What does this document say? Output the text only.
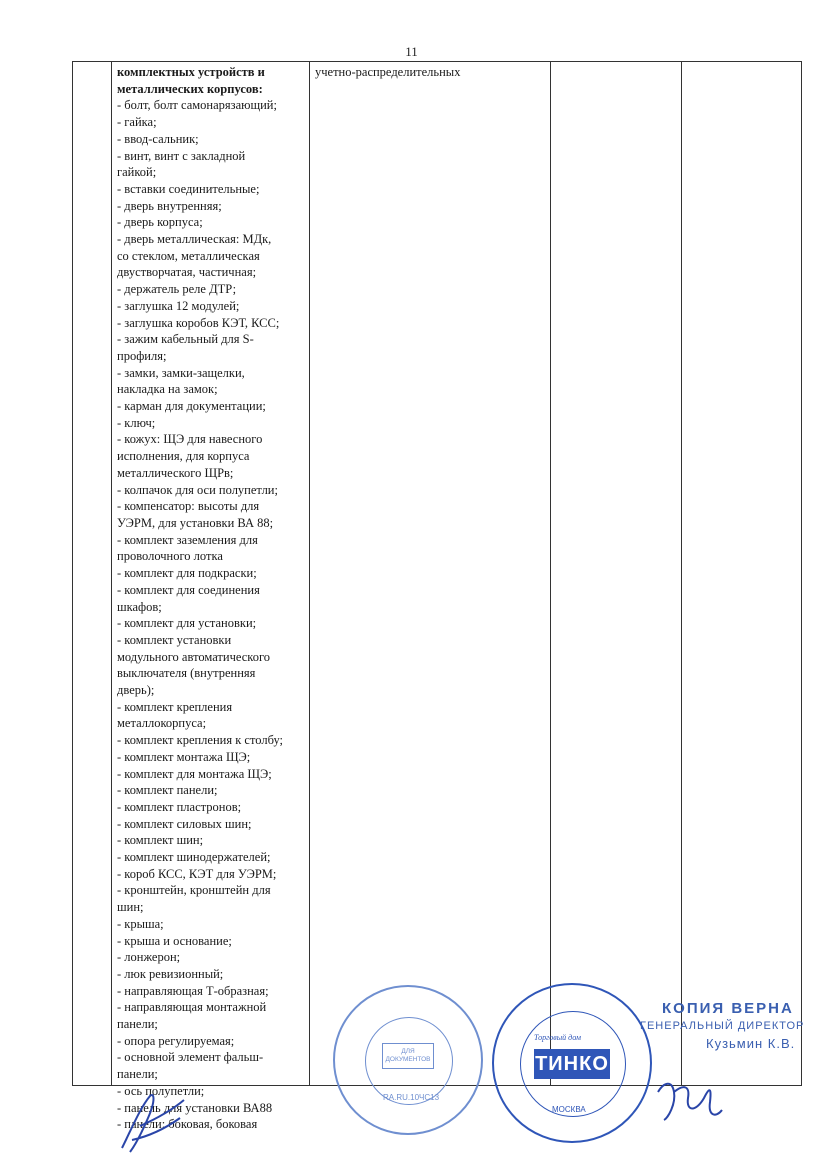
11
комплектных устройств и
металлических корпусов:
- болт, болт самонарязающий;
- гайка;
- ввод-сальник;
- винт, винт с закладной
гайкой;
- вставки соединительные;
- дверь внутренняя;
- дверь корпуса;
- дверь металлическая: МДк,
со стеклом, металлическая
двустворчатая, частичная;
- держатель реле ДТР;
- заглушка 12 модулей;
- заглушка коробов КЭТ, КСС;
- зажим кабельный для S-
профиля;
- замки, замки-защелки,
накладка на замок;
- карман для документации;
- ключ;
- кожух: ЩЭ для навесного
исполнения, для корпуса
металлического ЩРв;
- колпачок для оси полупетли;
- компенсатор: высоты для
УЭРМ, для установки ВА 88;
- комплект заземления для
проволочного лотка
- комплект для подкраски;
- комплект для соединения
шкафов;
- комплект для установки;
- комплект установки
модульного автоматического
выключателя (внутренняя
дверь);
- комплект крепления
металлокорпуса;
- комплект крепления к столбу;
- комплект монтажа ЩЭ;
- комплект для монтажа ЩЭ;
- комплект панели;
- комплект пластронов;
- комплект силовых шин;
- комплект шин;
- комплект шинодержателей;
- короб КСС, КЭТ для УЭРМ;
- кронштейн, кронштейн для
шин;
- крыша;
- крыша и основание;
- лонжерон;
- люк ревизионный;
- направляющая Т-образная;
- направляющая монтажной
панели;
- опора регулируемая;
- основной элемент фальш-
панели;
- ось полупетли;
- панель для установки ВА88
- панели: боковая, боковая
учетно-распределительных
ДЛЯ
ДОКУМЕНТОВ
RA.RU.10ЧС13
Торговый дом
ТИНКО
МОСКВА
КОПИЯ ВЕРНА
ГЕНЕРАЛЬНЫЙ ДИРЕКТОР
Кузьмин К.В.
